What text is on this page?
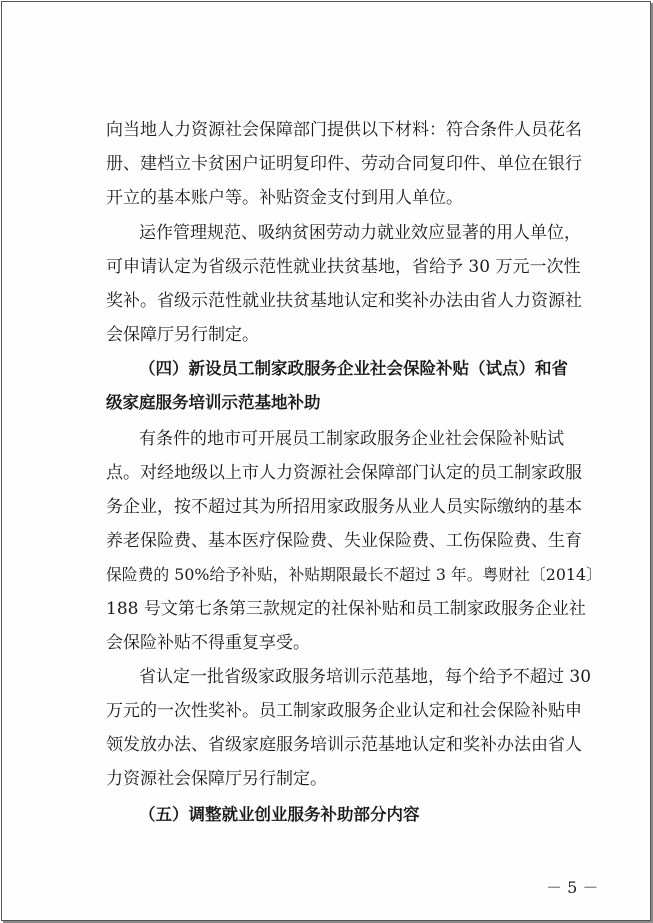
向当地人力资源社会保障部门提供以下材料：符合条件人员花名
册、建档立卡贫困户证明复印件、劳动合同复印件、单位在银行
开立的基本账户等。补贴资金支付到用人单位。
运作管理规范、吸纳贫困劳动力就业效应显著的用人单位，
可申请认定为省级示范性就业扶贫基地，省给予 30 万元一次性
奖补。省级示范性就业扶贫基地认定和奖补办法由省人力资源社
会保障厅另行制定。
（四）新设员工制家政服务企业社会保险补贴（试点）和省
级家庭服务培训示范基地补助
有条件的地市可开展员工制家政服务企业社会保险补贴试
点。对经地级以上市人力资源社会保障部门认定的员工制家政服
务企业，按不超过其为所招用家政服务从业人员实际缴纳的基本
养老保险费、基本医疗保险费、失业保险费、工伤保险费、生育
保险费的 50%给予补贴，补贴期限最长不超过 3 年。粤财社〔2014〕
188 号文第七条第三款规定的社保补贴和员工制家政服务企业社
会保险补贴不得重复享受。
省认定一批省级家政服务培训示范基地，每个给予不超过 30
万元的一次性奖补。员工制家政服务企业认定和社会保险补贴申
领发放办法、省级家庭服务培训示范基地认定和奖补办法由省人
力资源社会保障厅另行制定。
（五）调整就业创业服务补助部分内容
－ 5 －
